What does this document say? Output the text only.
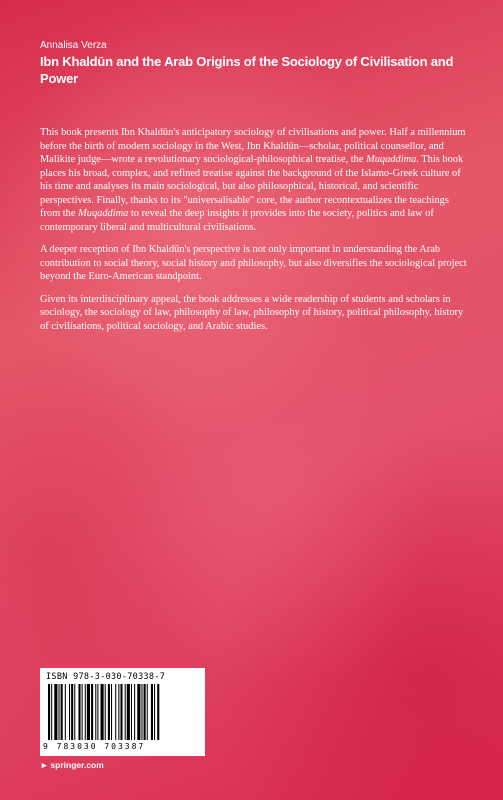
Annalisa Verza
Ibn Khaldūn and the Arab Origins of the Sociology of Civilisation and Power

This book presents Ibn Khaldūn's anticipatory sociology of civilisations and power. Half a millennium before the birth of modern sociology in the West, Ibn Khaldūn—scholar, political counsellor, and Malikite judge—wrote a revolutionary sociological-philosophical treatise, the Muqaddima. This book places his broad, complex, and refined treatise against the background of the Islamo-Greek culture of his time and analyses its main sociological, but also philosophical, historical, and scientific perspectives. Finally, thanks to its "universalisable" core, the author recontextualizes the teachings from the Muqaddima to reveal the deep insights it provides into the society, politics and law of contemporary liberal and multicultural civilisations.

A deeper reception of Ibn Khaldūn's perspective is not only important in understanding the Arab contribution to social theory, social history and philosophy, but also diversifies the sociological project beyond the Euro-American standpoint.

Given its interdisciplinary appeal, the book addresses a wide readership of students and scholars in sociology, the sociology of law, philosophy of law, philosophy of history, political philosophy, history of civilisations, political sociology, and Arabic studies.

ISBN 978-3-030-70338-7
9 783030 703387
► springer.com
